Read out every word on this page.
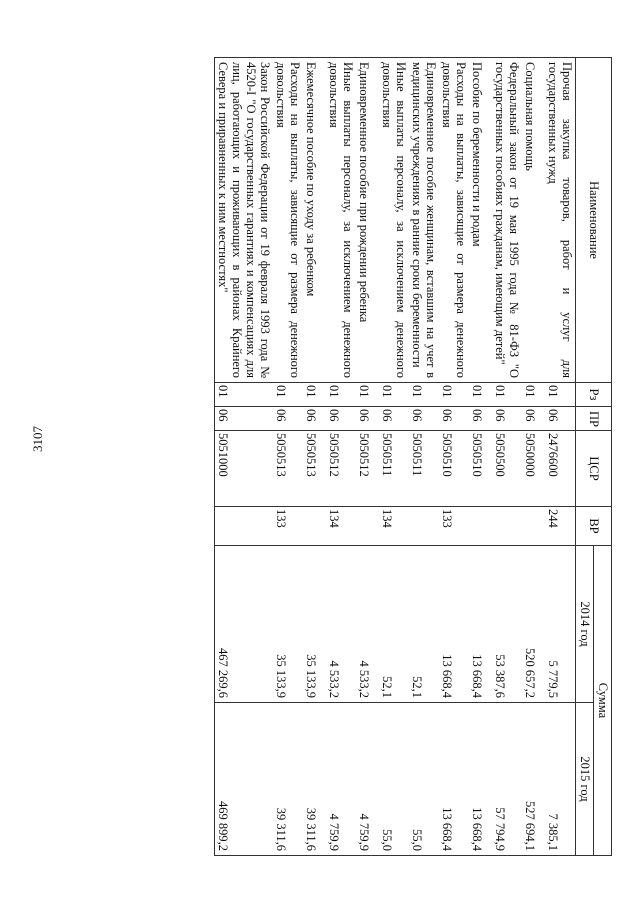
3107
Наименование	Рз	ПР	ЦСР	ВР	Сумма	
					2014 год	2015 год
Прочая закупка товаров, работ и услуг для государственных нужд	01	06	2476600	244	5 779,5	7 385,1
Социальная помощь	01	06	5050000		520 657,2	527 694,1
Федеральный закон от 19 мая 1995 года № 81-ФЗ "О государственных пособиях гражданам, имеющим детей"	01	06	5050500		53 387,6	57 794,9
Пособие по беременности и родам	01	06	5050510		13 668,4	13 668,4
Расходы на выплаты, зависящие от размера денежного довольствия	01	06	5050510	133	13 668,4	13 668,4
Единовременное пособие женщинам, вставшим на учет в медицинских учреждениях в ранние сроки беременности	01	06	5050511		52,1	55,0
Иные выплаты персоналу, за исключением денежного довольствия	01	06	5050511	134	52,1	55,0
Единовременное пособие при рождении ребенка	01	06	5050512		4 533,2	4 759,9
Иные выплаты персоналу, за исключением денежного довольствия	01	06	5050512	134	4 533,2	4 759,9
Ежемесячное пособие по уходу за ребенком	01	06	5050513		35 133,9	39 311,6
Расходы на выплаты, зависящие от размера денежного довольствия	01	06	5050513	133	35 133,9	39 311,6
Закон Российской Федерации от 19 февраля 1993 года № 4520-I "О государственных гарантиях и компенсациях для лиц, работающих и проживающих в районах Крайнего Севера и приравненных к ним местностях"	01	06	5051000		467 269,6	469 899,2
